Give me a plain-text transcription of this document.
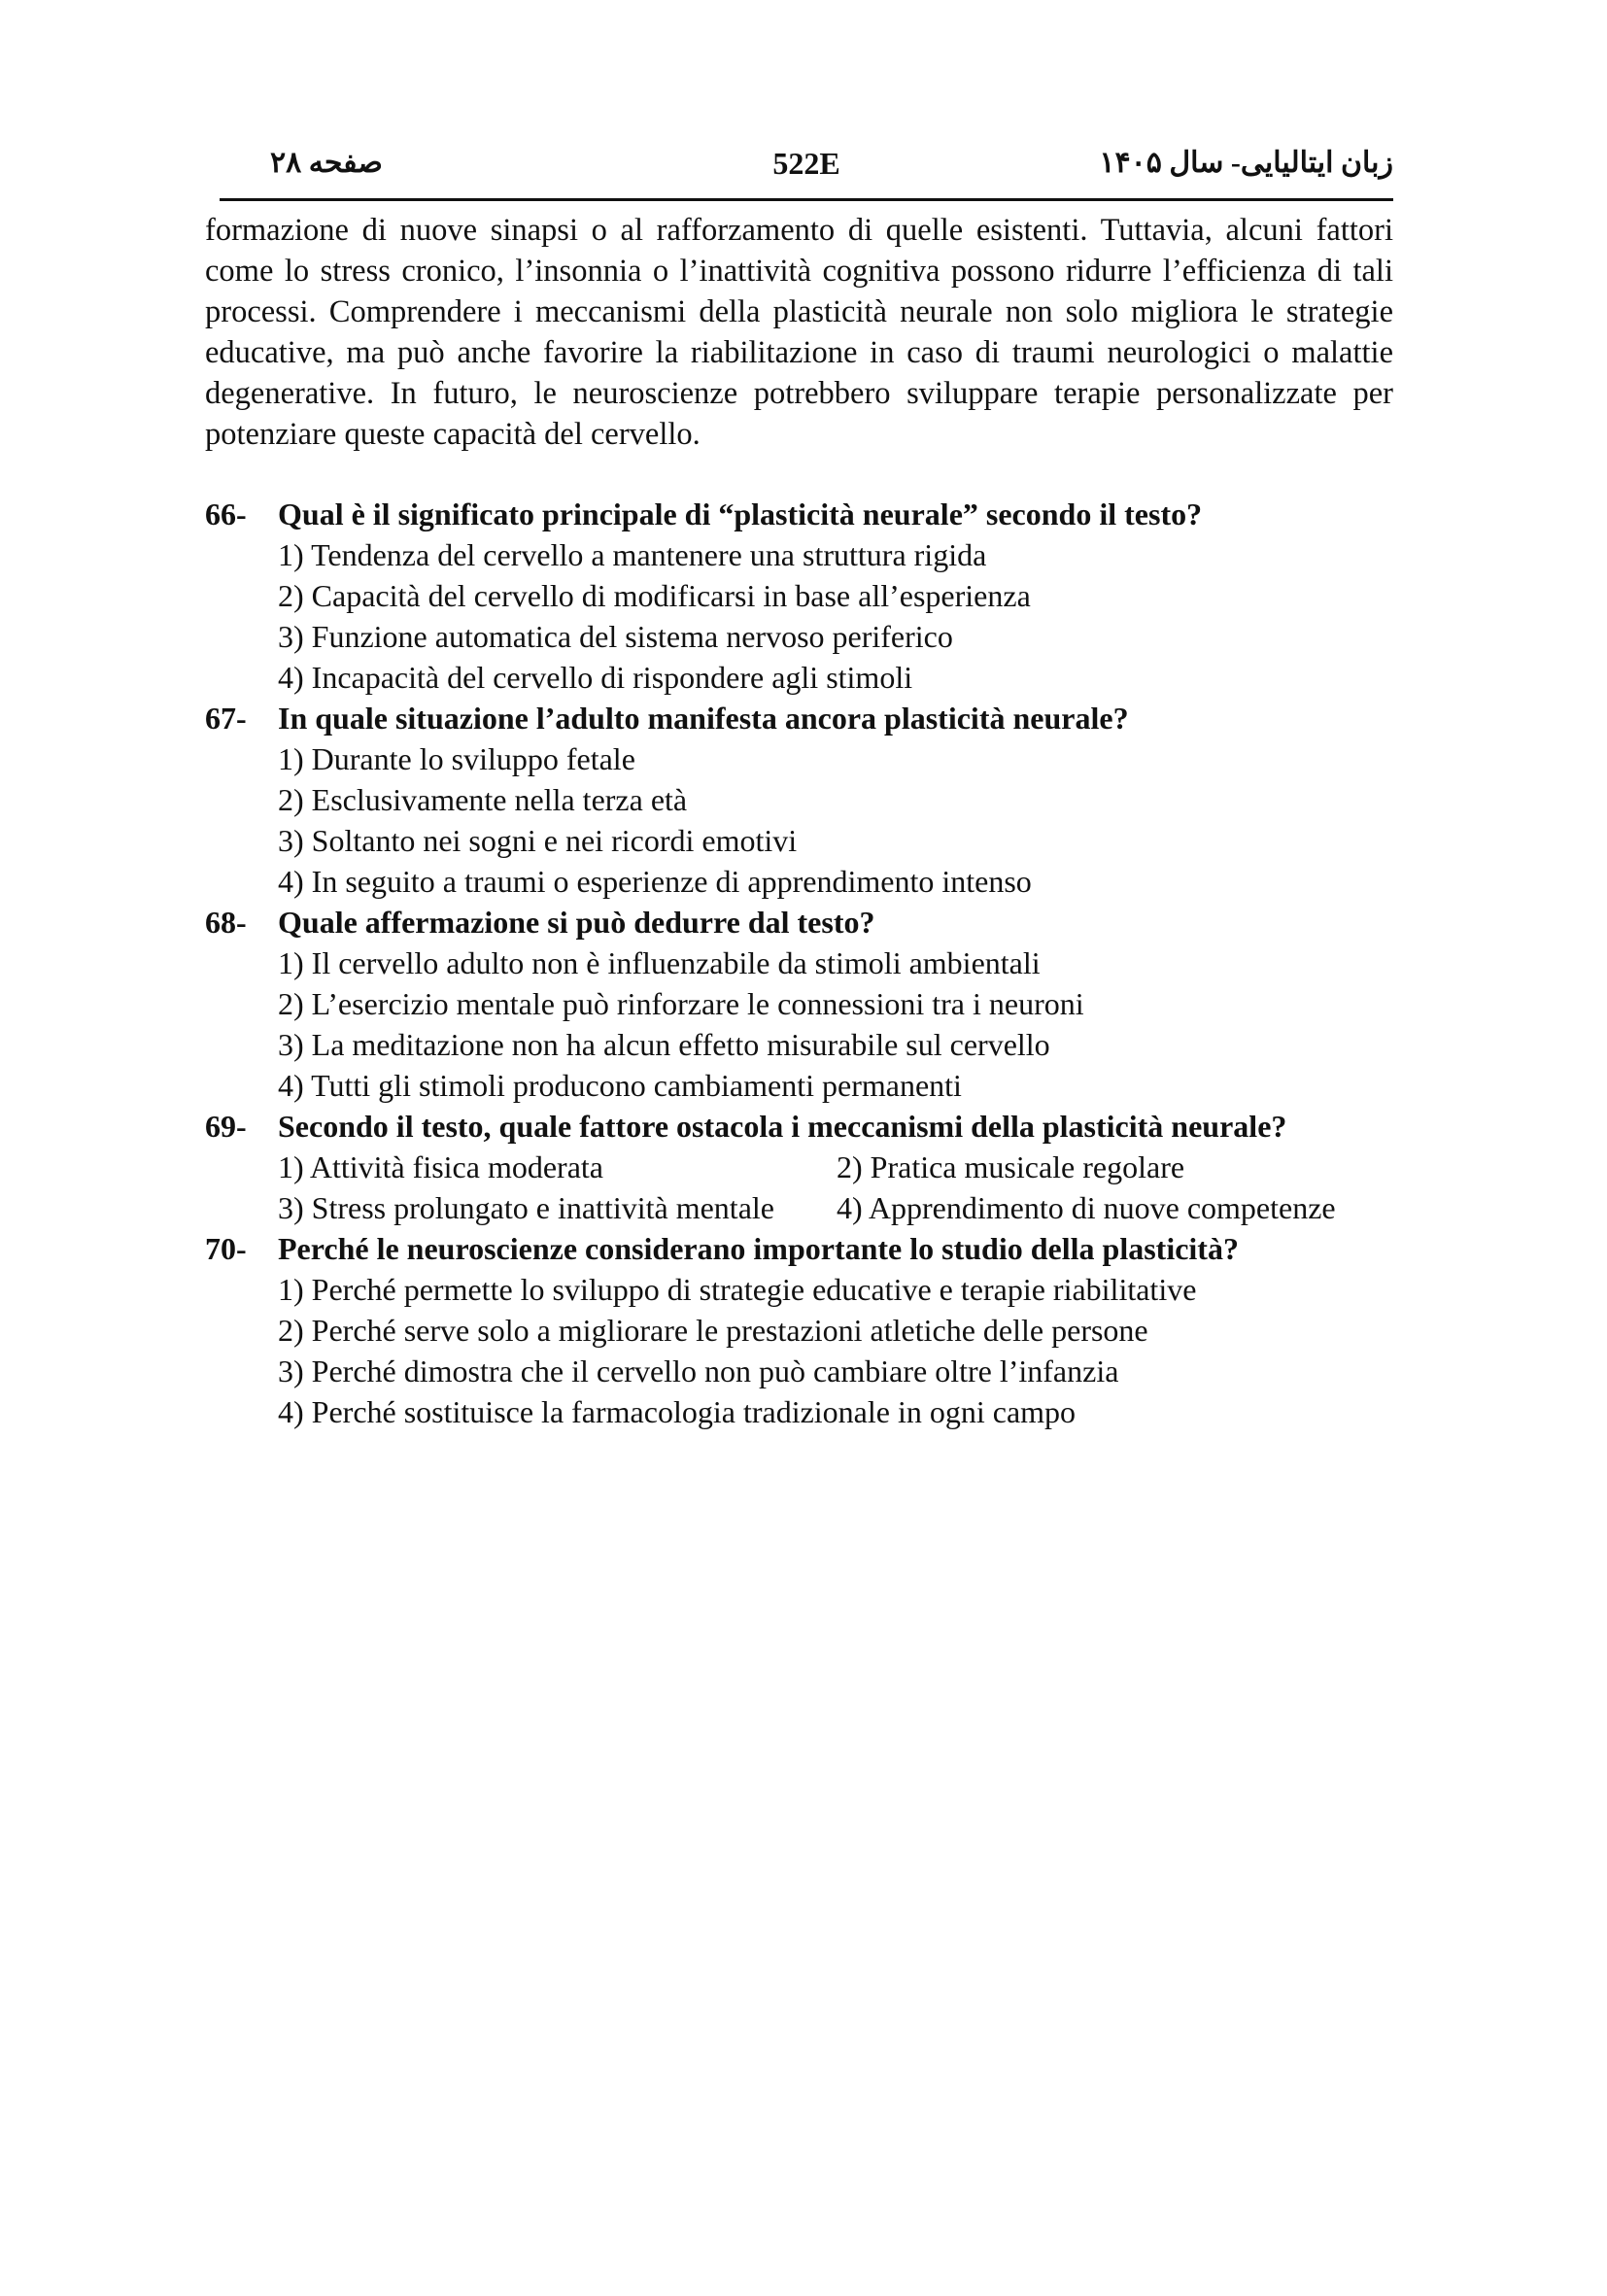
صفحه ۲۸	522E	زبان ایتالیایی- سال ۱۴۰۵
formazione di nuove sinapsi o al rafforzamento di quelle esistenti. Tuttavia, alcuni fattori
come lo stress cronico, l’insonnia o l’inattività cognitiva possono ridurre l’efficienza di tali
processi. Comprendere i meccanismi della plasticità neurale non solo migliora le strategie
educative, ma può anche favorire la riabilitazione in caso di traumi neurologici o malattie
degenerative. In futuro, le neuroscienze potrebbero sviluppare terapie personalizzate per
potenziare queste capacità del cervello.
66- Qual è il significato principale di “plasticità neurale” secondo il testo?
1) Tendenza del cervello a mantenere una struttura rigida
2) Capacità del cervello di modificarsi in base all’esperienza
3) Funzione automatica del sistema nervoso periferico
4) Incapacità del cervello di rispondere agli stimoli
67- In quale situazione l’adulto manifesta ancora plasticità neurale?
1) Durante lo sviluppo fetale
2) Esclusivamente nella terza età
3) Soltanto nei sogni e nei ricordi emotivi
4) In seguito a traumi o esperienze di apprendimento intenso
68- Quale affermazione si può dedurre dal testo?
1) Il cervello adulto non è influenzabile da stimoli ambientali
2) L’esercizio mentale può rinforzare le connessioni tra i neuroni
3) La meditazione non ha alcun effetto misurabile sul cervello
4) Tutti gli stimoli producono cambiamenti permanenti
69- Secondo il testo, quale fattore ostacola i meccanismi della plasticità neurale?
1) Attività fisica moderata	2) Pratica musicale regolare
3) Stress prolungato e inattività mentale 4) Apprendimento di nuove competenze
70- Perché le neuroscienze considerano importante lo studio della plasticità?
1) Perché permette lo sviluppo di strategie educative e terapie riabilitative
2) Perché serve solo a migliorare le prestazioni atletiche delle persone
3) Perché dimostra che il cervello non può cambiare oltre l’infanzia
4) Perché sostituisce la farmacologia tradizionale in ogni campo
